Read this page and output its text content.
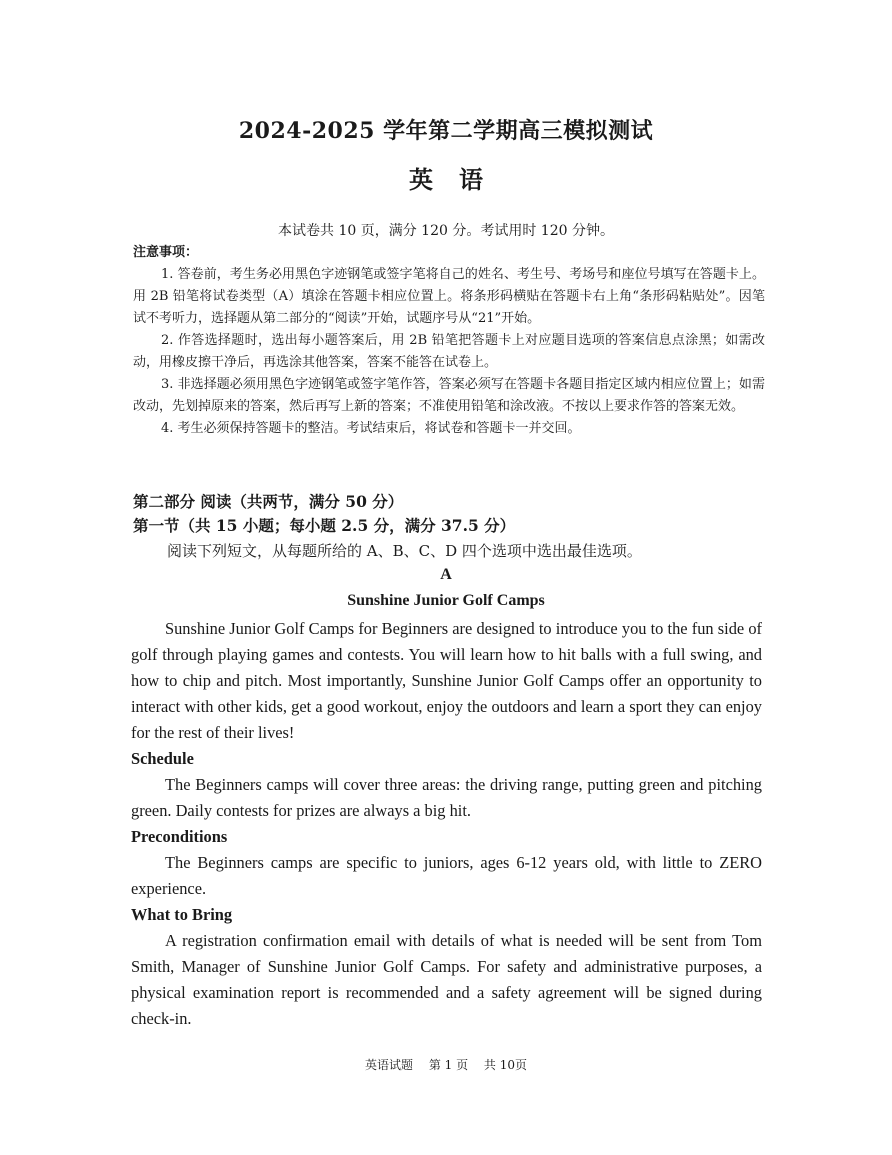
2024-2025 学年第二学期高三模拟测试
英语
本试卷共 10 页，满分 120 分。考试用时 120 分钟。
注意事项：

1. 答卷前，考生务必用黑色字迹钢笔或签字笔将自己的姓名、考生号、考场号和座位号填写在答题卡上。用 2B 铅笔将试卷类型（A）填涂在答题卡相应位置上。将条形码横贴在答题卡右上角“条形码粘贴处”。因笔试不考听力，选择题从第二部分的“阅读”开始，试题序号从“21”开始。

2. 作答选择题时，选出每小题答案后，用 2B 铅笔把答题卡上对应题目选项的答案信息点涂黑；如需改动，用橡皮擦干净后，再选涂其他答案，答案不能答在试卷上。

3. 非选择题必须用黑色字迹钢笔或签字笔作答，答案必须写在答题卡各题目指定区域内相应位置上；如需改动，先划掉原来的答案，然后再写上新的答案；不准使用铅笔和涂改液。不按以上要求作答的答案无效。

4. 考生必须保持答题卡的整洁。考试结束后，将试卷和答题卡一并交回。

第二部分 阅读（共两节，满分 50 分）
第一节（共 15 小题；每小题 2.5 分，满分 37.5 分）
阅读下列短文，从每题所给的 A、B、C、D 四个选项中选出最佳选项。
A
Sunshine Junior Golf Camps

Sunshine Junior Golf Camps for Beginners are designed to introduce you to the fun side of golf through playing games and contests. You will learn how to hit balls with a full swing, and how to chip and pitch. Most importantly, Sunshine Junior Golf Camps offer an opportunity to interact with other kids, get a good workout, enjoy the outdoors and learn a sport they can enjoy for the rest of their lives!

Schedule

The Beginners camps will cover three areas: the driving range, putting green and pitching green. Daily contests for prizes are always a big hit.

Preconditions

The Beginners camps are specific to juniors, ages 6-12 years old, with little to ZERO experience.

What to Bring

A registration confirmation email with details of what is needed will be sent from Tom Smith, Manager of Sunshine Junior Golf Camps. For safety and administrative purposes, a physical examination report is recommended and a safety agreement will be signed during check-in.

英语试题 第 1 页 共 10页
